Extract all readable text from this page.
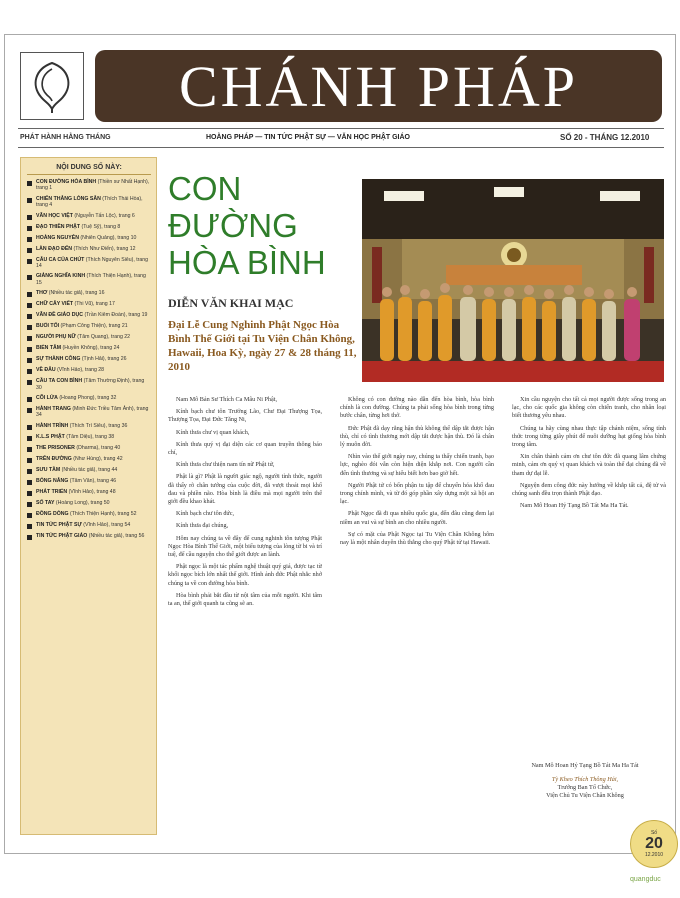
CHÁNH PHÁP
PHÁT HÀNH HẰNG THÁNG	HOẰNG PHÁP — TIN TỨC PHẬT SỰ — VĂN HỌC PHẬT GIÁO	SỐ 20 - THÁNG 12.2010
NỘI DUNG SỐ NÀY:
CON ĐƯỜNG HÒA BÌNH (Thiền sư Nhất Hạnh), trang 1
CHIẾN THẮNG LÒNG SÂN (Thích Thái Hòa), trang 4
VĂN HỌC VIỆT (Nguyễn Tấn Lộc), trang 6
ĐẠO THIỀN PHẬT (Tuệ Sỹ), trang 8
HOÀNG NGUYỄN (Nhiên Quảng), trang 10
LÀN ĐẠO ĐẾN (Thích Như Điển), trang 12
CÂU CA CỦA CHÚT (Thích Nguyên Siêu), trang 14
GIẢNG NGHĨA KINH (Thích Thiện Hạnh), trang 15
THƠ (Nhiều tác giả), trang 16
CHỮ CÂY VIẾT (Thi Vũ), trang 17
VĂN ĐỀ GIÁO DỤC (Trần Kiêm Đoàn), trang 19
BUỔI TỐI (Phạm Công Thiện), trang 21
NGƯỜI PHỤ NỮ (Tâm Quang), trang 22
BIỂN TÂM (Huyền Không), trang 24
SỰ THÀNH CÔNG (Tịnh Hải), trang 26
VỀ ĐÂU (Vĩnh Hảo), trang 28
CẦU TA CON BÌNH (Tâm Thường Định), trang 30
CÕI LỬA (Hoang Phong), trang 32
HÀNH TRANG (Minh Đức Triều Tâm Ảnh), trang 34
HÀNH TRÌNH (Thích Trí Siêu), trang 36
K.L.S PHẬT (Tâm Diệu), trang 38
THE PRISONER (Dharma), trang 40
TRÊN ĐƯỜNG (Như Hùng), trang 42
SƯU TẦM (Nhiều tác giả), trang 44
BÓNG NẮNG (Tâm Vân), trang 46
PHÁT TRIỂN (Vĩnh Hảo), trang 48
SỐ TAY (Hoàng Long), trang 50
ĐỒNG DÒNG (Thích Thiện Hạnh), trang 52
TIN TỨC PHẬT SỰ (Vĩnh Hảo), trang 54
TIN TỨC PHẬT GIÁO (Nhiều tác giả), trang 56
CON
ĐƯỜNG
HÒA BÌNH
DIỄN VĂN KHAI MẠC
Đại Lễ Cung Nghinh Phật Ngọc Hòa Bình Thế Giới tại Tu Viện Chân Không, Hawaii, Hoa Kỳ, ngày 27 & 28 tháng 11, 2010

Nam Mô Bản Sư Thích Ca Mâu Ni Phật,

Kính bạch chư tôn Trưởng Lão, Chư Đại Thượng Tọa, Thượng Tọa, Đại Đức Tăng Ni,

Kính thưa chư vị quan khách,

Kính thưa quý vị đại diện các cơ quan truyền thông báo chí,

Kính thưa chư thiện nam tín nữ Phật tử,

Phật là gì? Phật là người giác ngộ, người tỉnh thức, người đã thấy rõ chân tướng của cuộc đời, đã vượt thoát mọi khổ đau và phiền não. Hòa bình là điều mà mọi người trên thế giới đều khao khát.

Kính bạch chư tôn đức,

Kính thưa đại chúng,

Hôm nay chúng ta về đây để cung nghinh tôn tượng Phật Ngọc Hòa Bình Thế Giới, một biểu tượng của lòng từ bi và trí tuệ, để cầu nguyện cho thế giới được an lành.

Phật ngọc là một tác phẩm nghệ thuật quý giá, được tạc từ khối ngọc bích lớn nhất thế giới. Hình ảnh đức Phật nhắc nhở chúng ta về con đường hòa bình.

Hòa bình phải bắt đầu từ nội tâm của mỗi người. Khi tâm ta an, thế giới quanh ta cũng sẽ an.

Không có con đường nào dẫn đến hòa bình, hòa bình chính là con đường. Chúng ta phải sống hòa bình trong từng bước chân, từng hơi thở.

Đức Phật đã dạy rằng hận thù không thể dập tắt được hận thù, chỉ có tình thương mới dập tắt được hận thù. Đó là chân lý muôn đời.

Nhìn vào thế giới ngày nay, chúng ta thấy chiến tranh, bạo lực, nghèo đói vẫn còn hiện diện khắp nơi. Con người cần đến tình thương và sự hiểu biết hơn bao giờ hết.

Người Phật tử có bổn phận tu tập để chuyển hóa khổ đau trong chính mình, và từ đó góp phần xây dựng một xã hội an lạc.

Phật Ngọc đã đi qua nhiều quốc gia, đến đâu cũng đem lại niềm an vui và sự bình an cho nhiều người.

Sự có mặt của Phật Ngọc tại Tu Viện Chân Không hôm nay là một nhân duyên thù thắng cho quý Phật tử tại Hawaii.

Xin cầu nguyện cho tất cả mọi người được sống trong an lạc, cho các quốc gia không còn chiến tranh, cho nhân loại biết thương yêu nhau.

Chúng ta hãy cùng nhau thực tập chánh niệm, sống tỉnh thức trong từng giây phút để nuôi dưỡng hạt giống hòa bình trong tâm.

Xin chân thành cảm ơn chư tôn đức đã quang lâm chứng minh, cảm ơn quý vị quan khách và toàn thể đại chúng đã về tham dự đại lễ.

Nguyện đem công đức này hướng về khắp tất cả, đệ tử và chúng sanh đều trọn thành Phật đạo.

Nam Mô Hoan Hỷ Tạng Bồ Tát Ma Ha Tát.

Nam Mô Hoan Hỷ Tạng Bồ Tát Ma Ha Tát
Tỳ Kheo Thích Thông Hải,
Trưởng Ban Tổ Chức,
Viện Chủ Tu Viện Chân Không
Số
20
12.2010
quangduc
